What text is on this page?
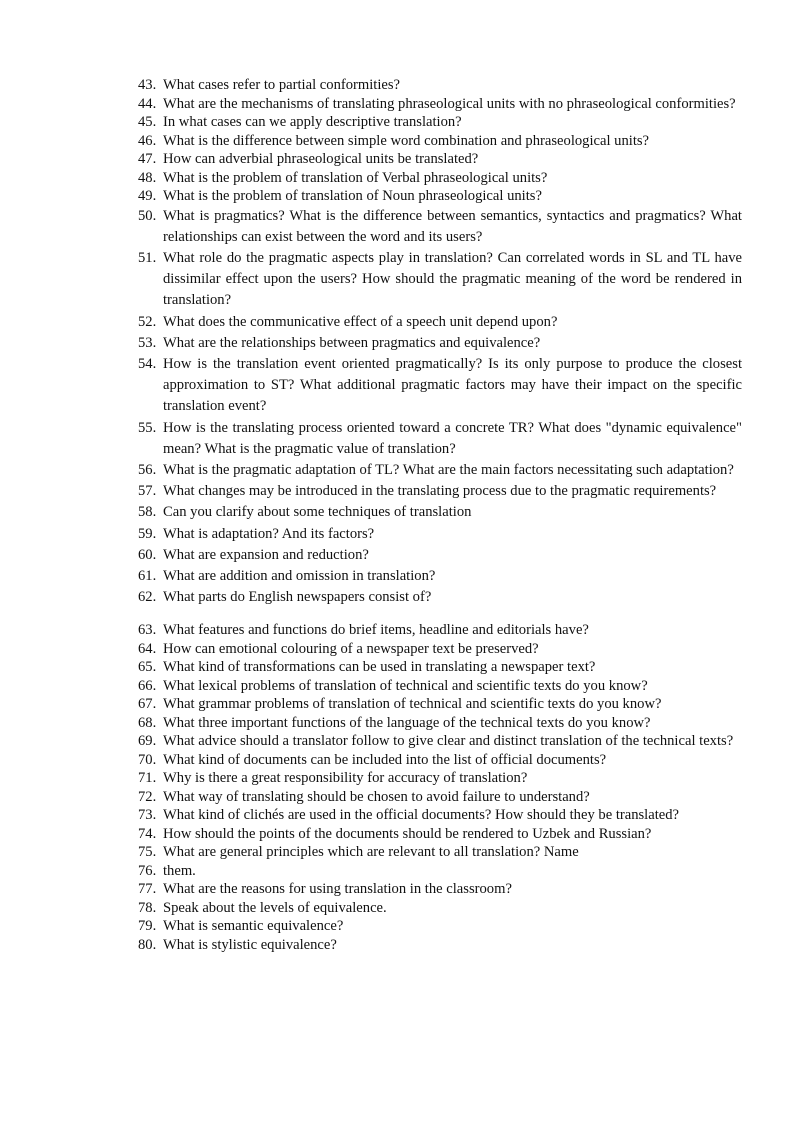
43. What cases refer to partial conformities?
44. What are the mechanisms of translating phraseological units with no phraseological conformities?
45. In what cases can we apply descriptive translation?
46. What is the difference between simple word combination and phraseological units?
47. How can adverbial phraseological units be translated?
48. What is the problem of translation of Verbal phraseological units?
49. What is the problem of translation of Noun phraseological units?
50. What is pragmatics? What is the difference between semantics, syntactics and pragmatics? What relationships can exist between the word and its users?
51. What role do the pragmatic aspects play in translation? Can correlated words in SL and TL have dissimilar effect upon the users? How should the pragmatic meaning of the word be rendered in translation?
52. What does the communicative effect of a speech unit depend upon?
53. What are the relationships between pragmatics and equivalence?
54. How is the translation event oriented pragmatically? Is its only purpose to produce the closest approximation to ST? What additional pragmatic factors may have their impact on the specific translation event?
55. How is the translating process oriented toward a concrete TR? What does "dynamic equivalence" mean? What is the pragmatic value of translation?
56. What is the pragmatic adaptation of TL? What are the main factors necessitating such adaptation?
57. What changes may be introduced in the translating process due to the pragmatic requirements?
58. Can you clarify about some techniques of translation
59. What is adaptation? And its factors?
60. What are expansion and reduction?
61. What are addition and omission in translation?
62. What parts do English newspapers consist of?
63. What features and functions do brief items, headline and editorials have?
64. How can emotional colouring of a newspaper text be preserved?
65. What kind of transformations can be used in translating a newspaper text?
66. What lexical problems of translation of technical and scientific texts do you know?
67. What grammar problems of translation of technical and scientific texts do you know?
68. What three important functions of the language of the technical texts do you know?
69. What advice should a translator follow to give clear and distinct translation of the technical texts?
70. What kind of documents can be included into the list of official documents?
71. Why is there a great responsibility for accuracy of translation?
72. What way of translating should be chosen to avoid failure to understand?
73. What kind of clichés are used in the official documents? How should they be translated?
74. How should the points of the documents should be rendered to Uzbek and Russian?
75. What are general principles which are relevant to all translation? Name
76. them.
77. What are the reasons for using translation in the classroom?
78. Speak about the levels of equivalence.
79. What is semantic equivalence?
80. What is stylistic equivalence?
